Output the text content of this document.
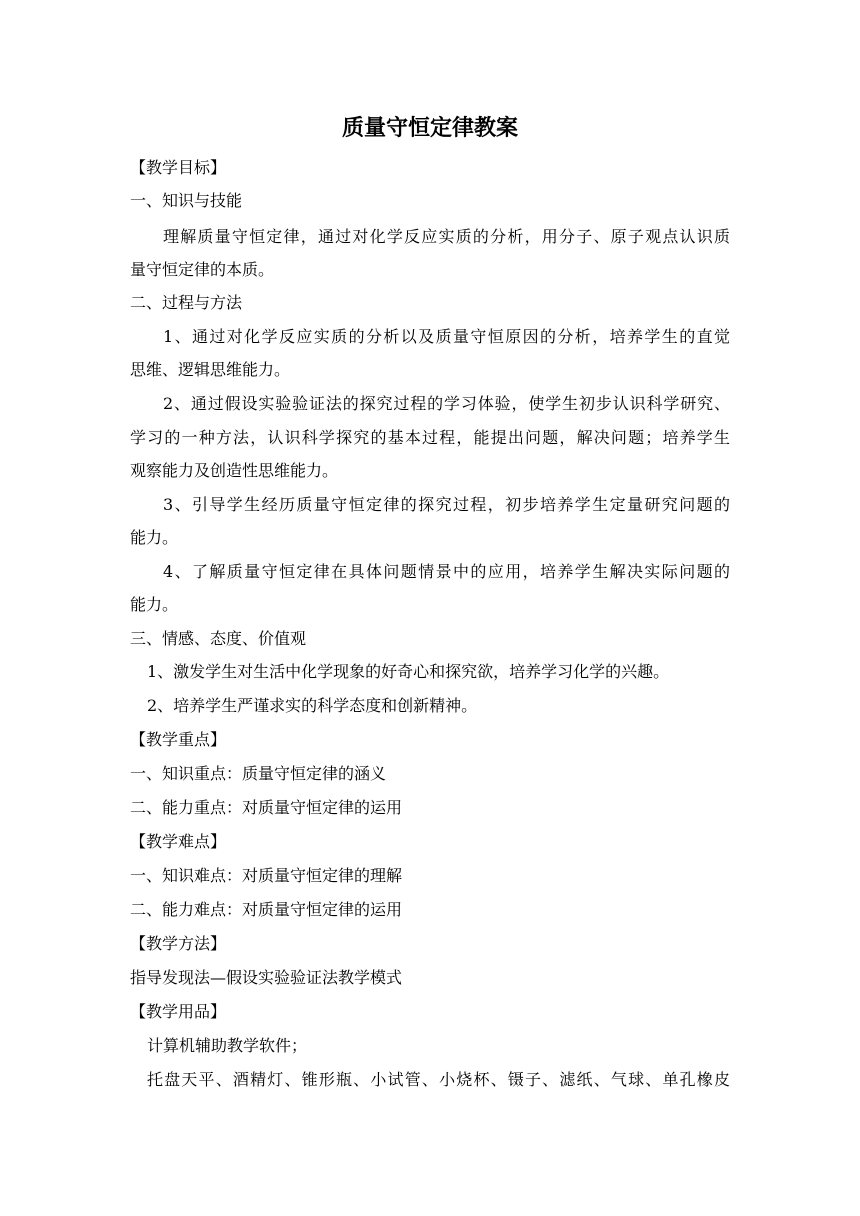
质量守恒定律教案
【教学目标】
一、知识与技能
理解质量守恒定律，通过对化学反应实质的分析，用分子、原子观点认识质
量守恒定律的本质。
二、过程与方法
1、通过对化学反应实质的分析以及质量守恒原因的分析，培养学生的直觉
思维、逻辑思维能力。
2、通过假设实验验证法的探究过程的学习体验，使学生初步认识科学研究、
学习的一种方法，认识科学探究的基本过程，能提出问题，解决问题；培养学生
观察能力及创造性思维能力。
3、引导学生经历质量守恒定律的探究过程，初步培养学生定量研究问题的
能力。
4、了解质量守恒定律在具体问题情景中的应用，培养学生解决实际问题的
能力。
三、情感、态度、价值观
1、激发学生对生活中化学现象的好奇心和探究欲，培养学习化学的兴趣。
2、培养学生严谨求实的科学态度和创新精神。
【教学重点】
一、知识重点：质量守恒定律的涵义
二、能力重点：对质量守恒定律的运用
【教学难点】
一、知识难点：对质量守恒定律的理解
二、能力难点：对质量守恒定律的运用
【教学方法】
指导发现法—假设实验验证法教学模式
【教学用品】
计算机辅助教学软件；
托盘天平、酒精灯、锥形瓶、小试管、小烧杯、镊子、滤纸、气球、单孔橡皮
